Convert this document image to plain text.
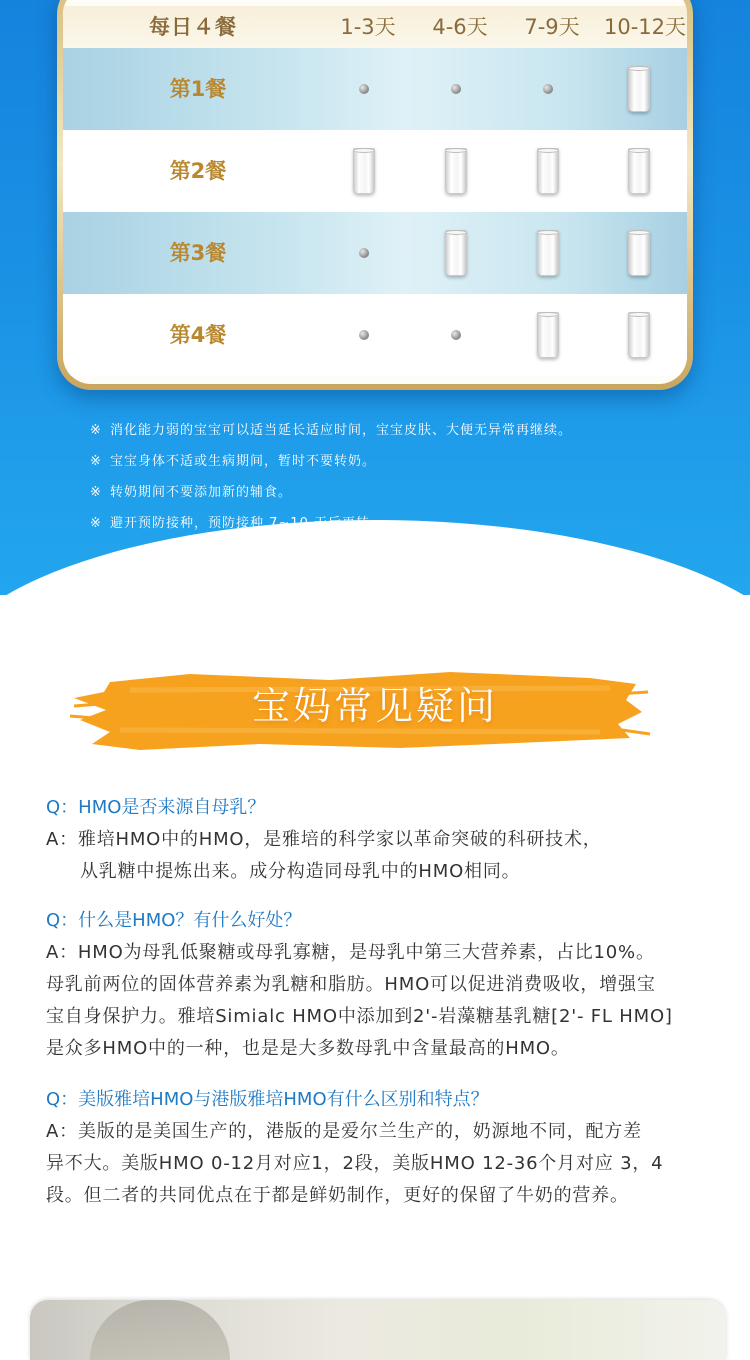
每日４餐	1-3天	4-6天	7-9天	10-12天
第1餐
第2餐
第3餐
第4餐
※ 消化能力弱的宝宝可以适当延长适应时间，宝宝皮肤、大便无异常再继续。
※ 宝宝身体不适或生病期间，暂时不要转奶。
※ 转奶期间不要添加新的辅食。
※ 避开预防接种，预防接种 7~10 天后再转。
宝妈常见疑问
Q：HMO是否来源自母乳？
A：雅培HMO中的HMO，是雅培的科学家以革命突破的科研技术，
从乳糖中提炼出来。成分构造同母乳中的HMO相同。
Q：什么是HMO？有什么好处？
A：HMO为母乳低聚糖或母乳寡糖，是母乳中第三大营养素，占比10%。
母乳前两位的固体营养素为乳糖和脂肪。HMO可以促进消费吸收，增强宝
宝自身保护力。雅培Simialc HMO中添加到2'-岩藻糖基乳糖[2'- FL HMO]
是众多HMO中的一种，也是是大多数母乳中含量最高的HMO。
Q：美版雅培HMO与港版雅培HMO有什么区别和特点？
A：美版的是美国生产的，港版的是爱尔兰生产的，奶源地不同，配方差
异不大。美版HMO 0-12月对应1，2段，美版HMO 12-36个月对应 3，4
段。但二者的共同优点在于都是鲜奶制作，更好的保留了牛奶的营养。
